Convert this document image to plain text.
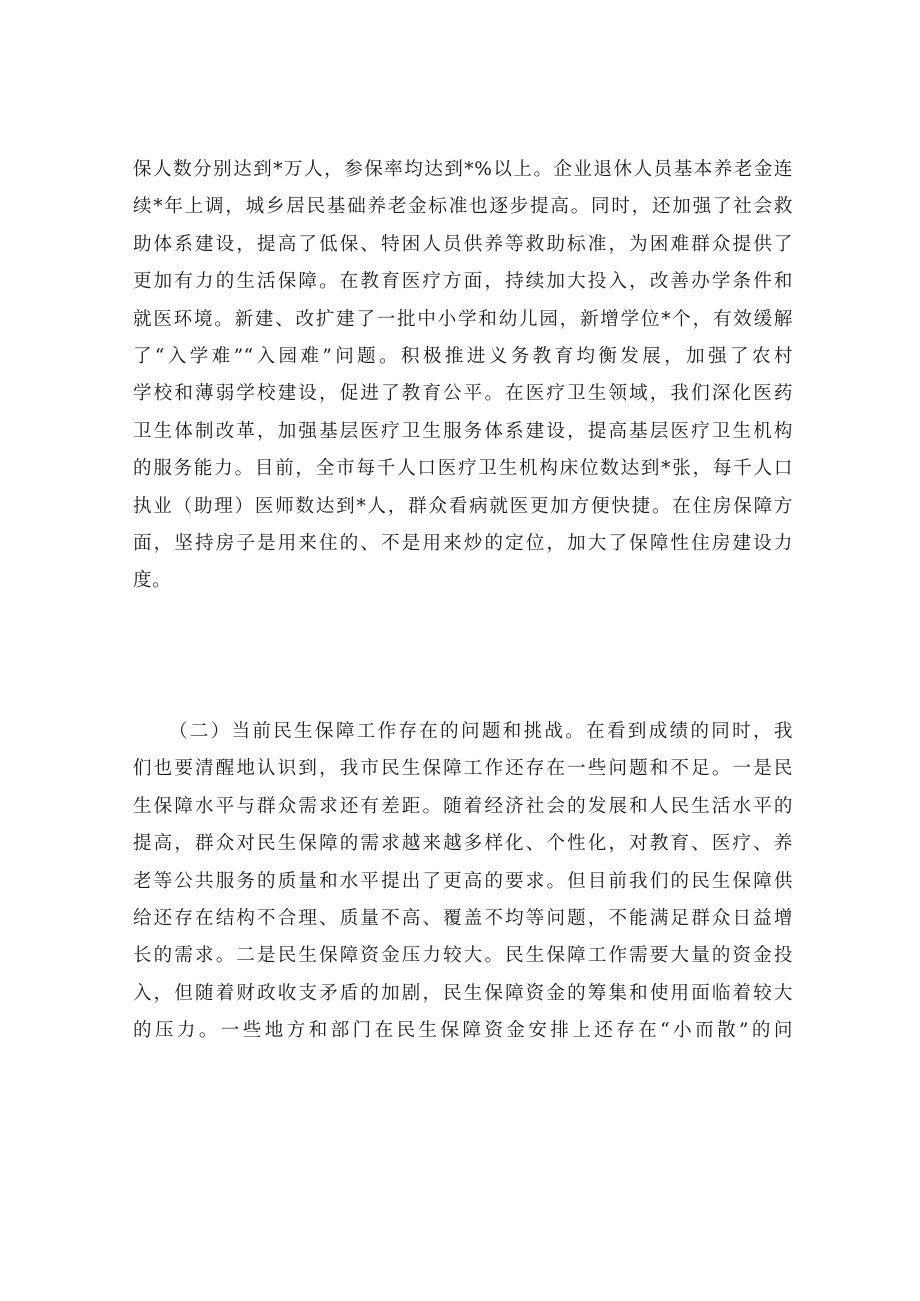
保人数分别达到*万人，参保率均达到*%以上。企业退休人员基本养老金连
续*年上调，城乡居民基础养老金标准也逐步提高。同时，还加强了社会救
助体系建设，提高了低保、特困人员供养等救助标准，为困难群众提供了
更加有力的生活保障。在教育医疗方面，持续加大投入，改善办学条件和
就医环境。新建、改扩建了一批中小学和幼儿园，新增学位*个，有效缓解
了“入学难”“入园难”问题。积极推进义务教育均衡发展，加强了农村
学校和薄弱学校建设，促进了教育公平。在医疗卫生领域，我们深化医药
卫生体制改革，加强基层医疗卫生服务体系建设，提高基层医疗卫生机构
的服务能力。目前，全市每千人口医疗卫生机构床位数达到*张，每千人口
执业（助理）医师数达到*人，群众看病就医更加方便快捷。在住房保障方
面，坚持房子是用来住的、不是用来炒的定位，加大了保障性住房建设力
度。
（二）当前民生保障工作存在的问题和挑战。在看到成绩的同时，我
们也要清醒地认识到，我市民生保障工作还存在一些问题和不足。一是民
生保障水平与群众需求还有差距。随着经济社会的发展和人民生活水平的
提高，群众对民生保障的需求越来越多样化、个性化，对教育、医疗、养
老等公共服务的质量和水平提出了更高的要求。但目前我们的民生保障供
给还存在结构不合理、质量不高、覆盖不均等问题，不能满足群众日益增
长的需求。二是民生保障资金压力较大。民生保障工作需要大量的资金投
入，但随着财政收支矛盾的加剧，民生保障资金的筹集和使用面临着较大
的压力。一些地方和部门在民生保障资金安排上还存在“小而散”的问
